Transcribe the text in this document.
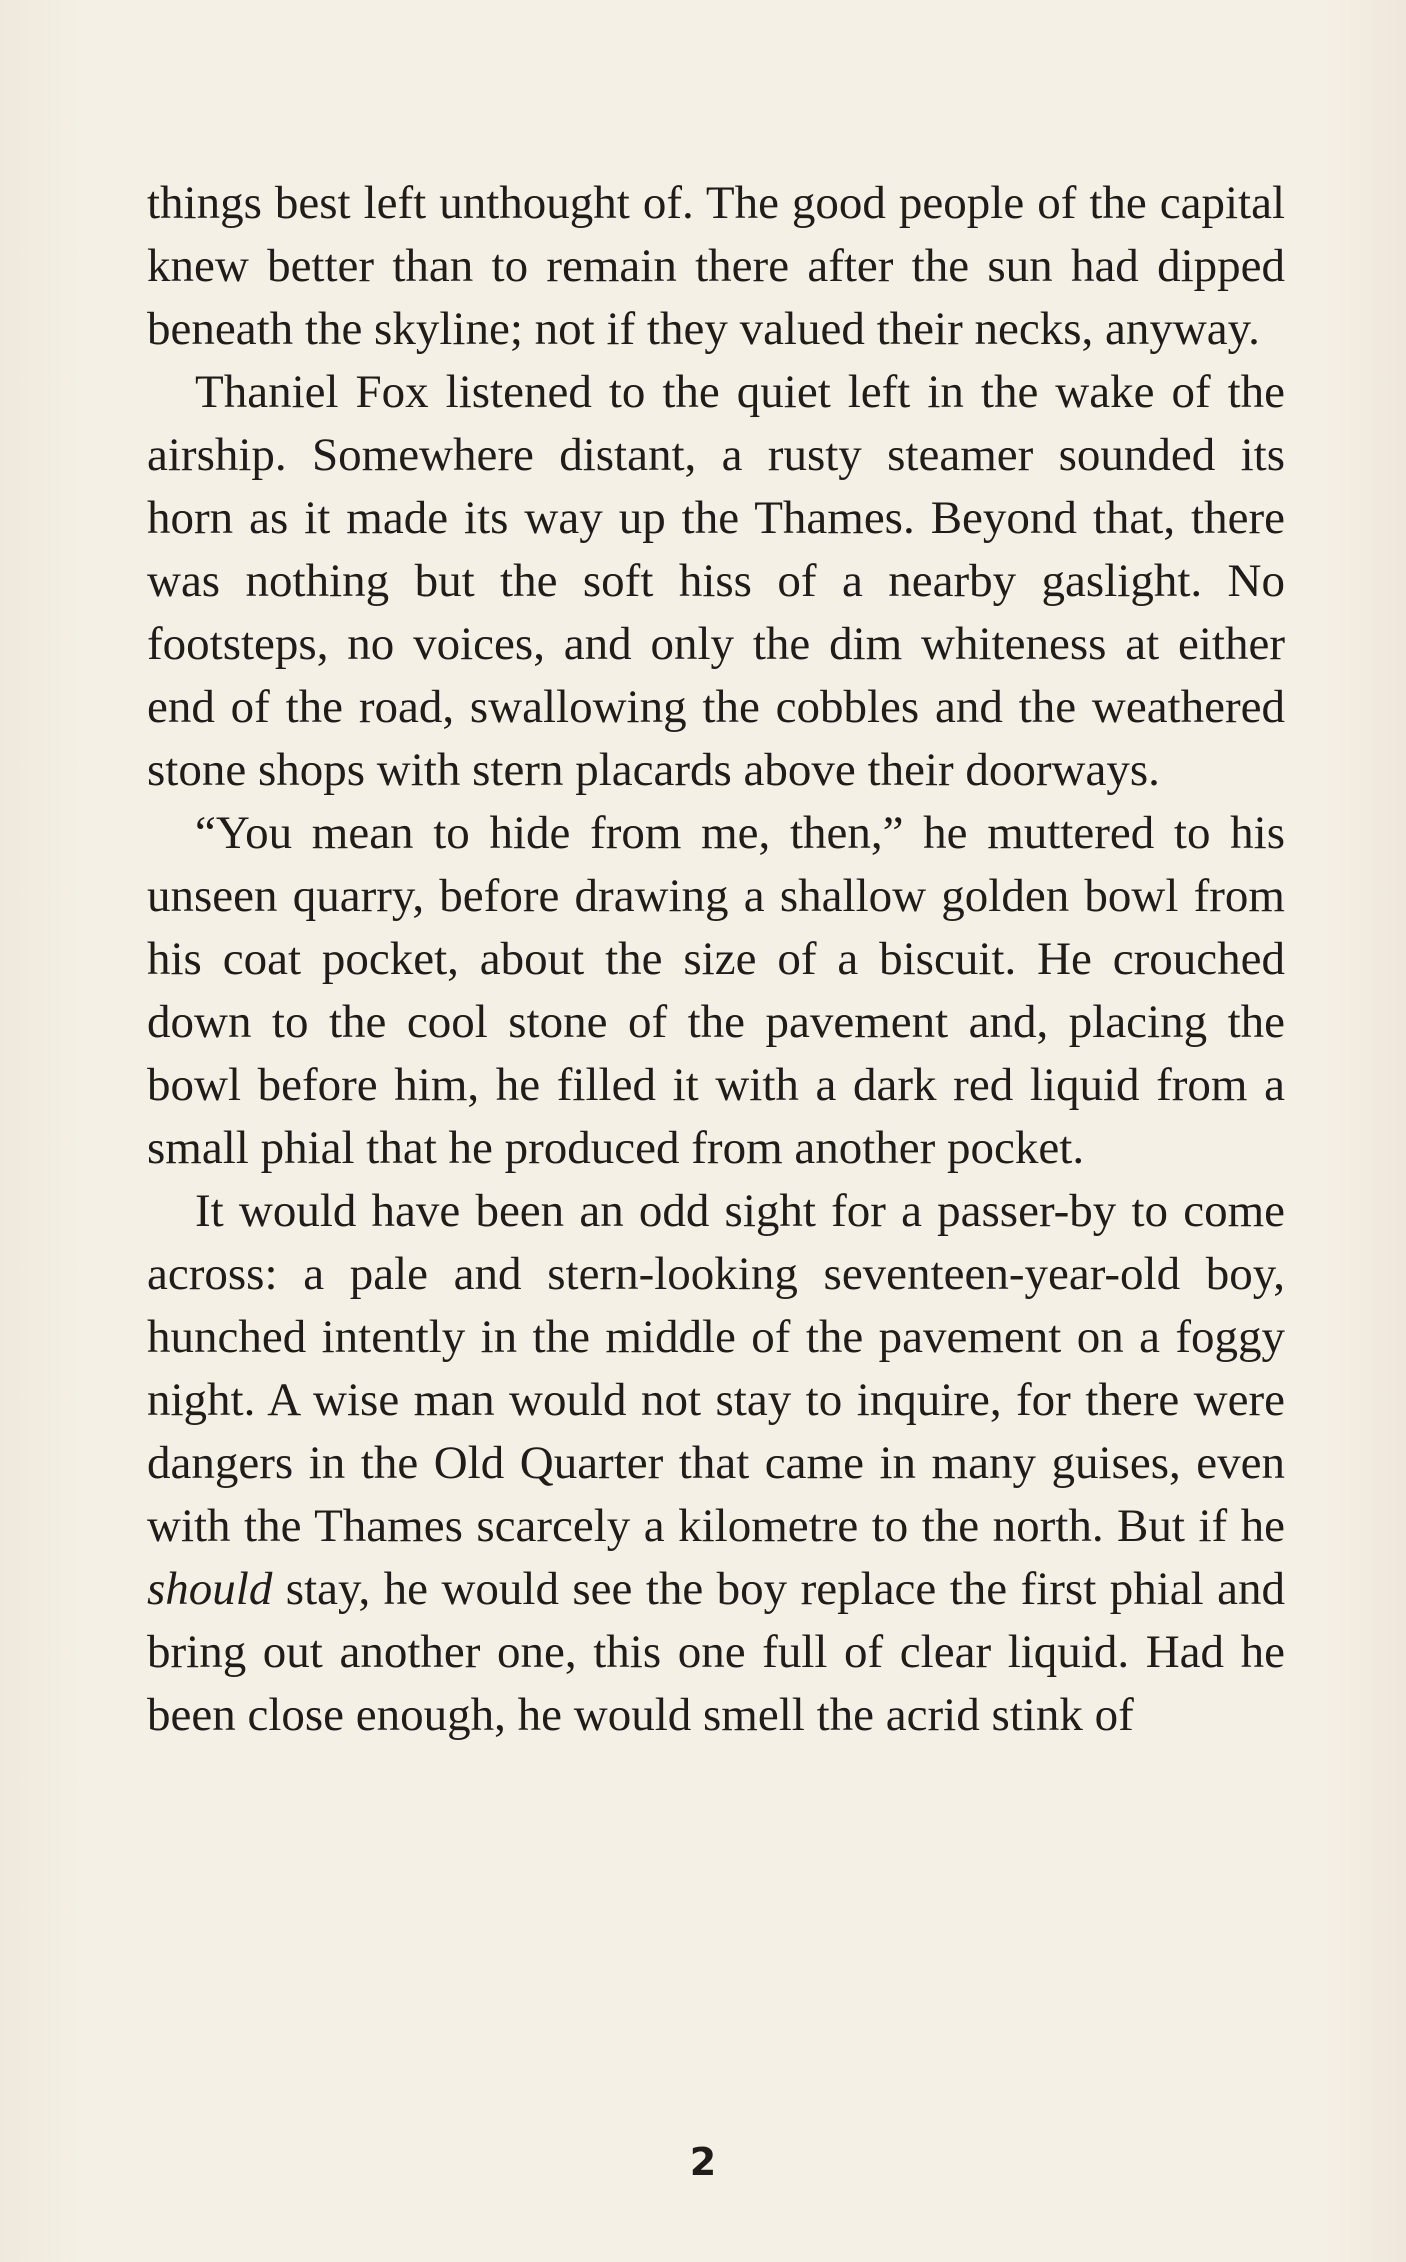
things best left unthought of. The good people of the capital knew better than to remain there after the sun had dipped beneath the skyline; not if they valued their necks, anyway.

Thaniel Fox listened to the quiet left in the wake of the airship. Somewhere distant, a rusty steamer sounded its horn as it made its way up the Thames. Beyond that, there was nothing but the soft hiss of a nearby gaslight. No footsteps, no voices, and only the dim whiteness at either end of the road, swallowing the cobbles and the weathered stone shops with stern placards above their doorways.

“You mean to hide from me, then,” he muttered to his unseen quarry, before drawing a shallow golden bowl from his coat pocket, about the size of a biscuit. He crouched down to the cool stone of the pavement and, placing the bowl before him, he filled it with a dark red liquid from a small phial that he produced from another pocket.

It would have been an odd sight for a passer-by to come across: a pale and stern-looking seventeen-year-old boy, hunched intently in the middle of the pavement on a foggy night. A wise man would not stay to inquire, for there were dangers in the Old Quarter that came in many guises, even with the Thames scarcely a kilometre to the north. But if he should stay, he would see the boy replace the first phial and bring out another one, this one full of clear liquid. Had he been close enough, he would smell the acrid stink of

2
